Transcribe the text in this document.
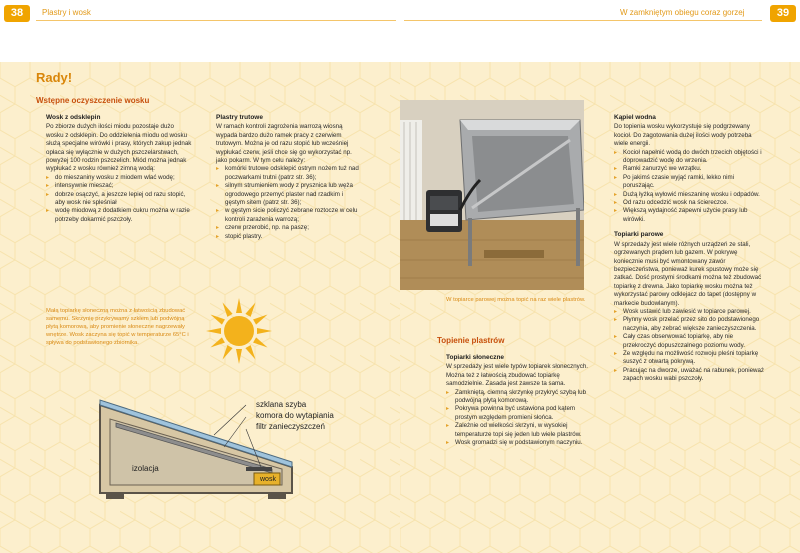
38	Plastry i wosk	W zamkniętym obiegu coraz gorzej	39
Rady!
Wstępne oczyszczenie wosku
Wosk z odsklepin

Po zbiorze dużych ilości miodu pozostaje dużo wosku z odsklepin. Do oddzielenia miodu od wosku służą specjalne wirówki i prasy, których zakup jednak opłaca się wyłącznie w dużych pszczelarstwach, powyżej 100 rodzin pszczelich. Miód można jednak wypłukać z wosku również zimną wodą:

▸ do mieszaniny wosku z miodem wlać wodę;
▸ intensywnie mieszać;
▸ dobrze osączyć, a jeszcze lepiej od razu stopić, aby wosk nie spleśniał
▸ wodę miodową z dodatkiem cukru można w razie potrzeby dokarmić pszczoły.
Plastry trutowe

W ramach kontroli zagrożenia warrozą wiosną wypada bardzo dużo ramek pracy z czerwiem trutowym. Można je od razu stopić lub wcześniej wypłukać czerw, jeśli chce się go wykorzystać np. jako pokarm. W tym celu należy:

▸ komórki trutowe odsklepić ostrym nożem tuż nad poczwarkami trutni (patrz str. 36);
▸ silnym strumieniem wody z prysznica lub węża ogrodowego przemyć plaster nad rzadkim i gęstym sitem (patrz str. 36);
▸ w gęstym sicie policzyć zebrane roztocze w celu kontroli zarażenia warrozą;
▸ czerw przerobić, np. na paszę;
▸ stopić plastry.
Małą topiarkę słoneczną można z łatwością zbudować samemu. Skrzynię przykrywamy szkłem lub podwójną płytą komorową, aby promienie słoneczne nagrzewały wnętrze. Wosk zaczyna się topić w temperaturze 65°C i spływa do podstawionego zbiornika.
szklana szyba
komora do wytapiania
filtr zanieczyszczeń
izolacja
wosk
W topiarce parowej można topić na raz wiele plastrów.
Topienie plastrów
Topiarki słoneczne

W sprzedaży jest wiele typów topiarek słonecznych. Można też z łatwością zbudować topiarkę samodzielnie. Zasada jest zawsze ta sama.

▸ Zamkniętą, ciemną skrzynkę przykryć szybą lub podwójną płytą komorową.
▸ Pokrywa powinna być ustawiona pod kątem prostym względem promieni słońca.
▸ Zależnie od wielkości skrzyni, w wysokiej temperaturze topi się jeden lub wiele plastrów.
▸ Wosk gromadzi się w podstawionym naczyniu.
Kąpiel wodna

Do topienia wosku wykorzystuje się podgrzewany kocioł. Do zagotowania dużej ilości wody potrzeba wiele energii.

▸ Kocioł napełnić wodą do dwóch trzecich objętości i doprowadzić wodę do wrzenia.
▸ Ramki zanurzyć we wrzątku.
▸ Po jakimś czasie wyjąć ramki, lekko nimi poruszając.
▸ Dużą łyżką wyłowić mieszaninę wosku i odpadów.
▸ Od razu odcedzić wosk na ściereczce.
▸ Większą wydajność zapewni użycie prasy lub wirówki.
Topiarki parowe

W sprzedaży jest wiele różnych urządzeń ze stali, ogrzewanych prądem lub gazem. W pokrywę koniecznie musi być wmontowany zawór bezpieczeństwa, ponieważ kurek spustowy może się zatkać. Dość prostymi środkami można też zbudować topiarkę z drewna. Jako topiarkę wosku można też wykorzystać parowy odklejacz do tapet (dostępny w markecie budowlanym).

▸ Wosk ustawić lub zawiesić w topiarce parowej.
▸ Płynny wosk przelać przez sito do podstawionego naczynia, aby zebrać większe zanieczyszczenia.
▸ Cały czas obserwować topiarkę, aby nie przekroczyć dopuszczalnego poziomu wody.
▸ Ze względu na możliwość rozwoju pleśni topiarkę suszyć z otwartą pokrywą.
▸ Pracując na dworze, uważać na rabunek, ponieważ zapach wosku wabi pszczoły.
